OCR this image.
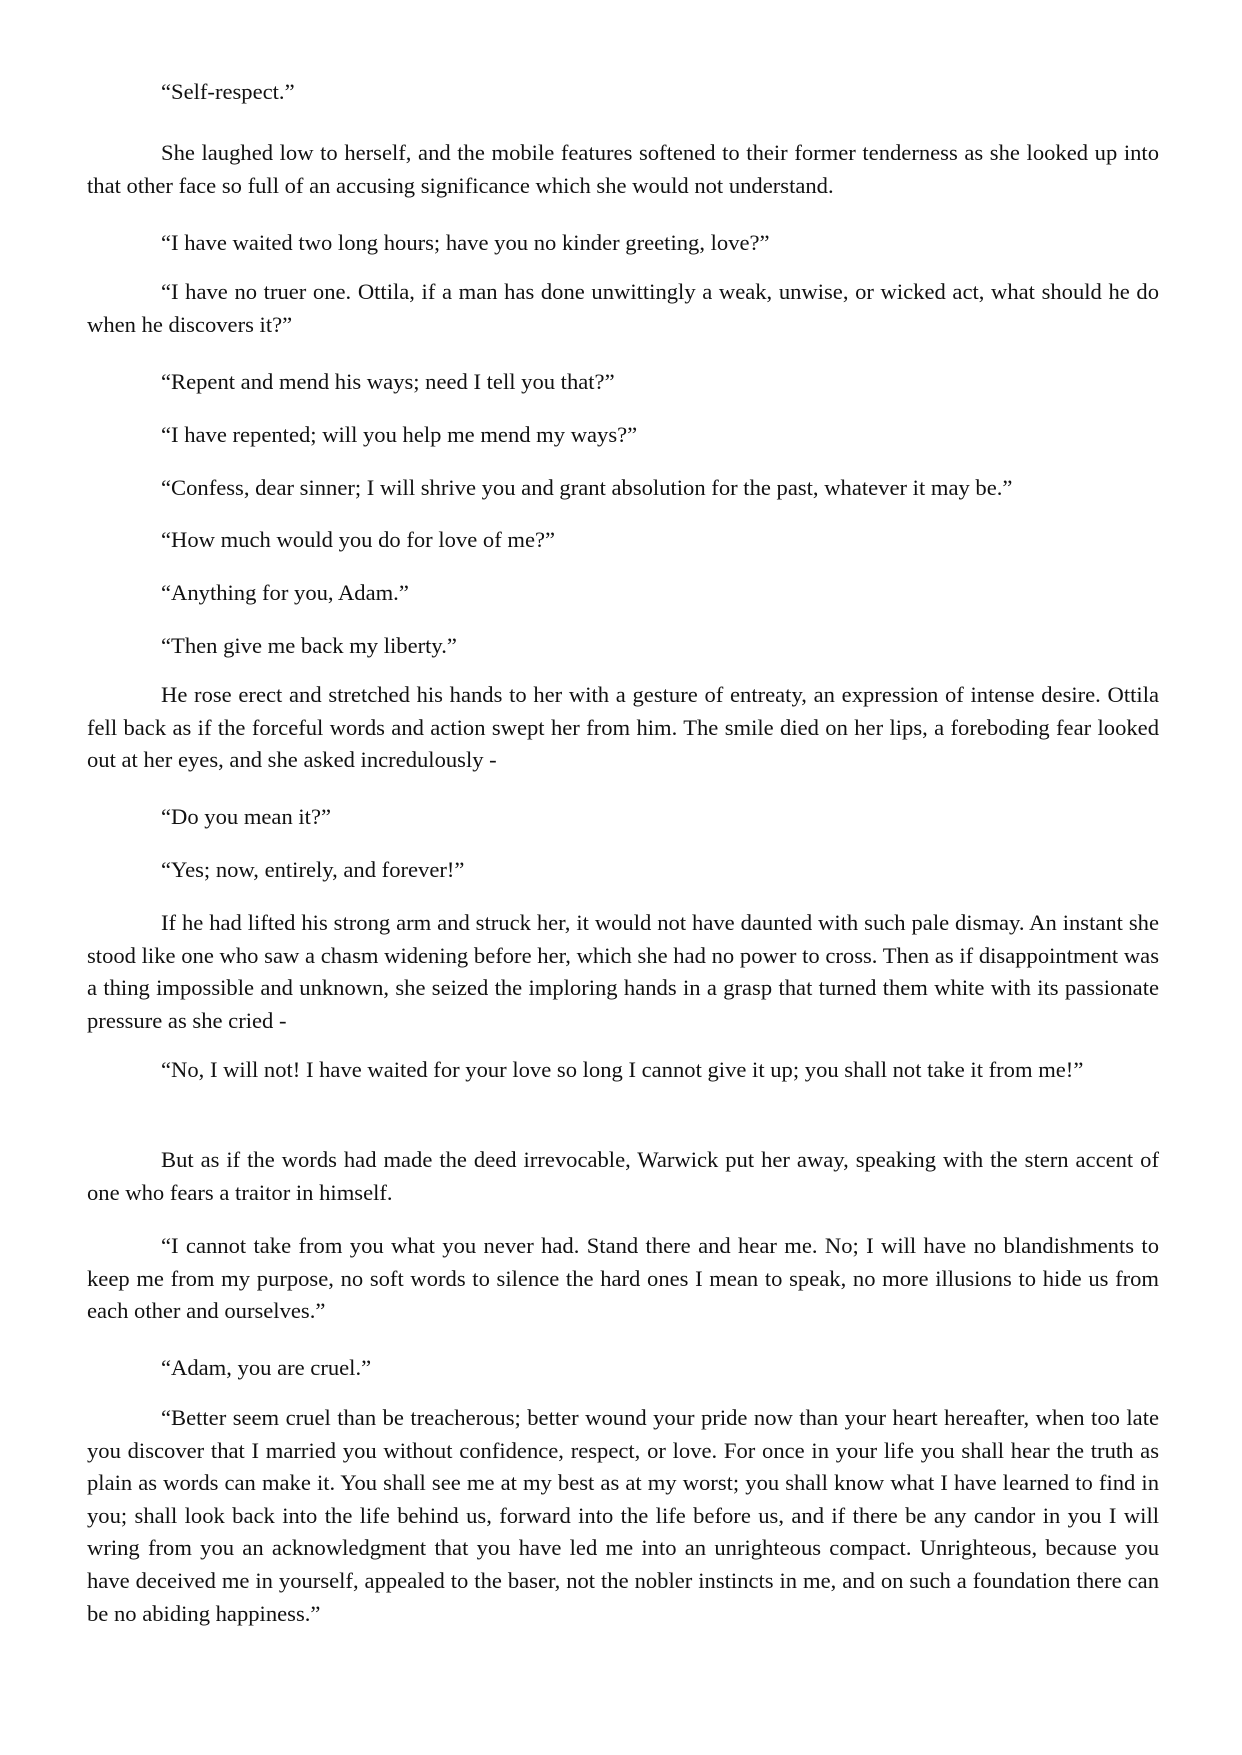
“Self-respect.”

She laughed low to herself, and the mobile features softened to their former tenderness as she looked up into that other face so full of an accusing significance which she would not understand.

“I have waited two long hours; have you no kinder greeting, love?”

“I have no truer one. Ottila, if a man has done unwittingly a weak, unwise, or wicked act, what should he do when he discovers it?”

“Repent and mend his ways; need I tell you that?”

“I have repented; will you help me mend my ways?”

“Confess, dear sinner; I will shrive you and grant absolution for the past, whatever it may be.”

“How much would you do for love of me?”

“Anything for you, Adam.”

“Then give me back my liberty.”

He rose erect and stretched his hands to her with a gesture of entreaty, an expression of intense desire. Ottila fell back as if the forceful words and action swept her from him. The smile died on her lips, a foreboding fear looked out at her eyes, and she asked incredulously -

“Do you mean it?”

“Yes; now, entirely, and forever!”

If he had lifted his strong arm and struck her, it would not have daunted with such pale dismay. An instant she stood like one who saw a chasm widening before her, which she had no power to cross. Then as if disappointment was a thing impossible and unknown, she seized the imploring hands in a grasp that turned them white with its passionate pressure as she cried -

“No, I will not! I have waited for your love so long I cannot give it up; you shall not take it from me!”

But as if the words had made the deed irrevocable, Warwick put her away, speaking with the stern accent of one who fears a traitor in himself.

“I cannot take from you what you never had. Stand there and hear me. No; I will have no blandishments to keep me from my purpose, no soft words to silence the hard ones I mean to speak, no more illusions to hide us from each other and ourselves.”

“Adam, you are cruel.”

“Better seem cruel than be treacherous; better wound your pride now than your heart hereafter, when too late you discover that I married you without confidence, respect, or love. For once in your life you shall hear the truth as plain as words can make it. You shall see me at my best as at my worst; you shall know what I have learned to find in you; shall look back into the life behind us, forward into the life before us, and if there be any candor in you I will wring from you an acknowledgment that you have led me into an unrighteous compact. Unrighteous, because you have deceived me in yourself, appealed to the baser, not the nobler instincts in me, and on such a foundation there can be no abiding happiness.”
